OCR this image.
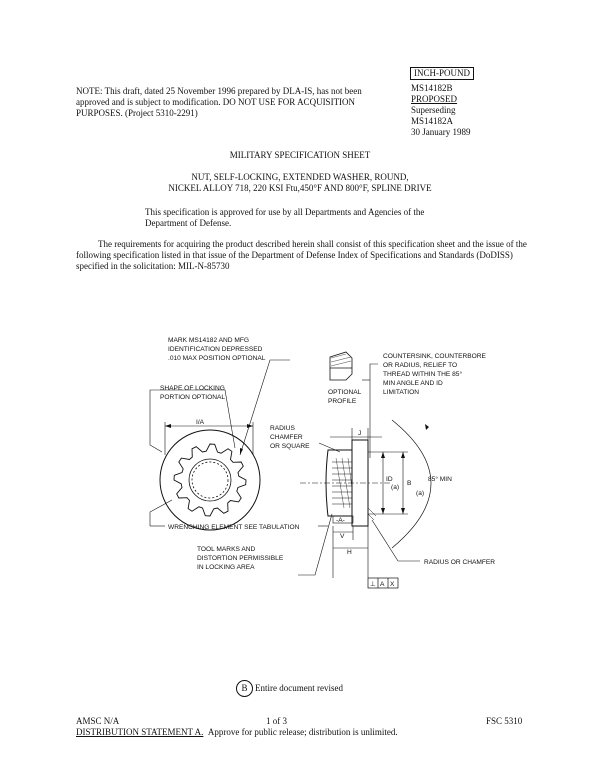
NOTE: This draft, dated 25 November 1996 prepared by DLA-IS, has not been approved and is subject to modification. DO NOT USE FOR ACQUISITION PURPOSES. (Project 5310-2291)
INCH-POUND
MS14182B
PROPOSED
Superseding
MS14182A
30 January 1989
MILITARY SPECIFICATION SHEET
NUT, SELF-LOCKING, EXTENDED WASHER, ROUND,
NICKEL ALLOY 718, 220 KSI Ftu,450°F AND 800°F, SPLINE DRIVE
This specification is approved for use by all Departments and Agencies of the Department of Defense.
The requirements for acquiring the product described herein shall consist of this specification sheet and the issue of the following specification listed in that issue of the Department of Defense Index of Specifications and Standards (DoDISS) specified in the solicitation: MIL-N-85730
MARK MS14182 AND MFG
IDENTIFICATION DEPRESSED
.010 MAX POSITION OPTIONAL
SHAPE OF LOCKING
PORTION OPTIONAL
I/A
COUNTERSINK, COUNTERBORE
OR RADIUS, RELIEF TO
THREAD WITHIN THE 85°
MIN ANGLE AND ID
LIMITATION
OPTIONAL
PROFILE
RADIUS
CHAMFER
OR SQUARE
J
ID
(a)
B
(a)
85° MIN
-A-
V
H
WRENCHING ELEMENT SEE TABULATION
TOOL MARKS AND
DISTORTION PERMISSIBLE
IN LOCKING AREA
RADIUS OR CHAMFER
⊥ A X
B Entire document revised
AMSC N/A	1 of 3	FSC 5310
DISTRIBUTION STATEMENT A. Approve for public release; distribution is unlimited.
